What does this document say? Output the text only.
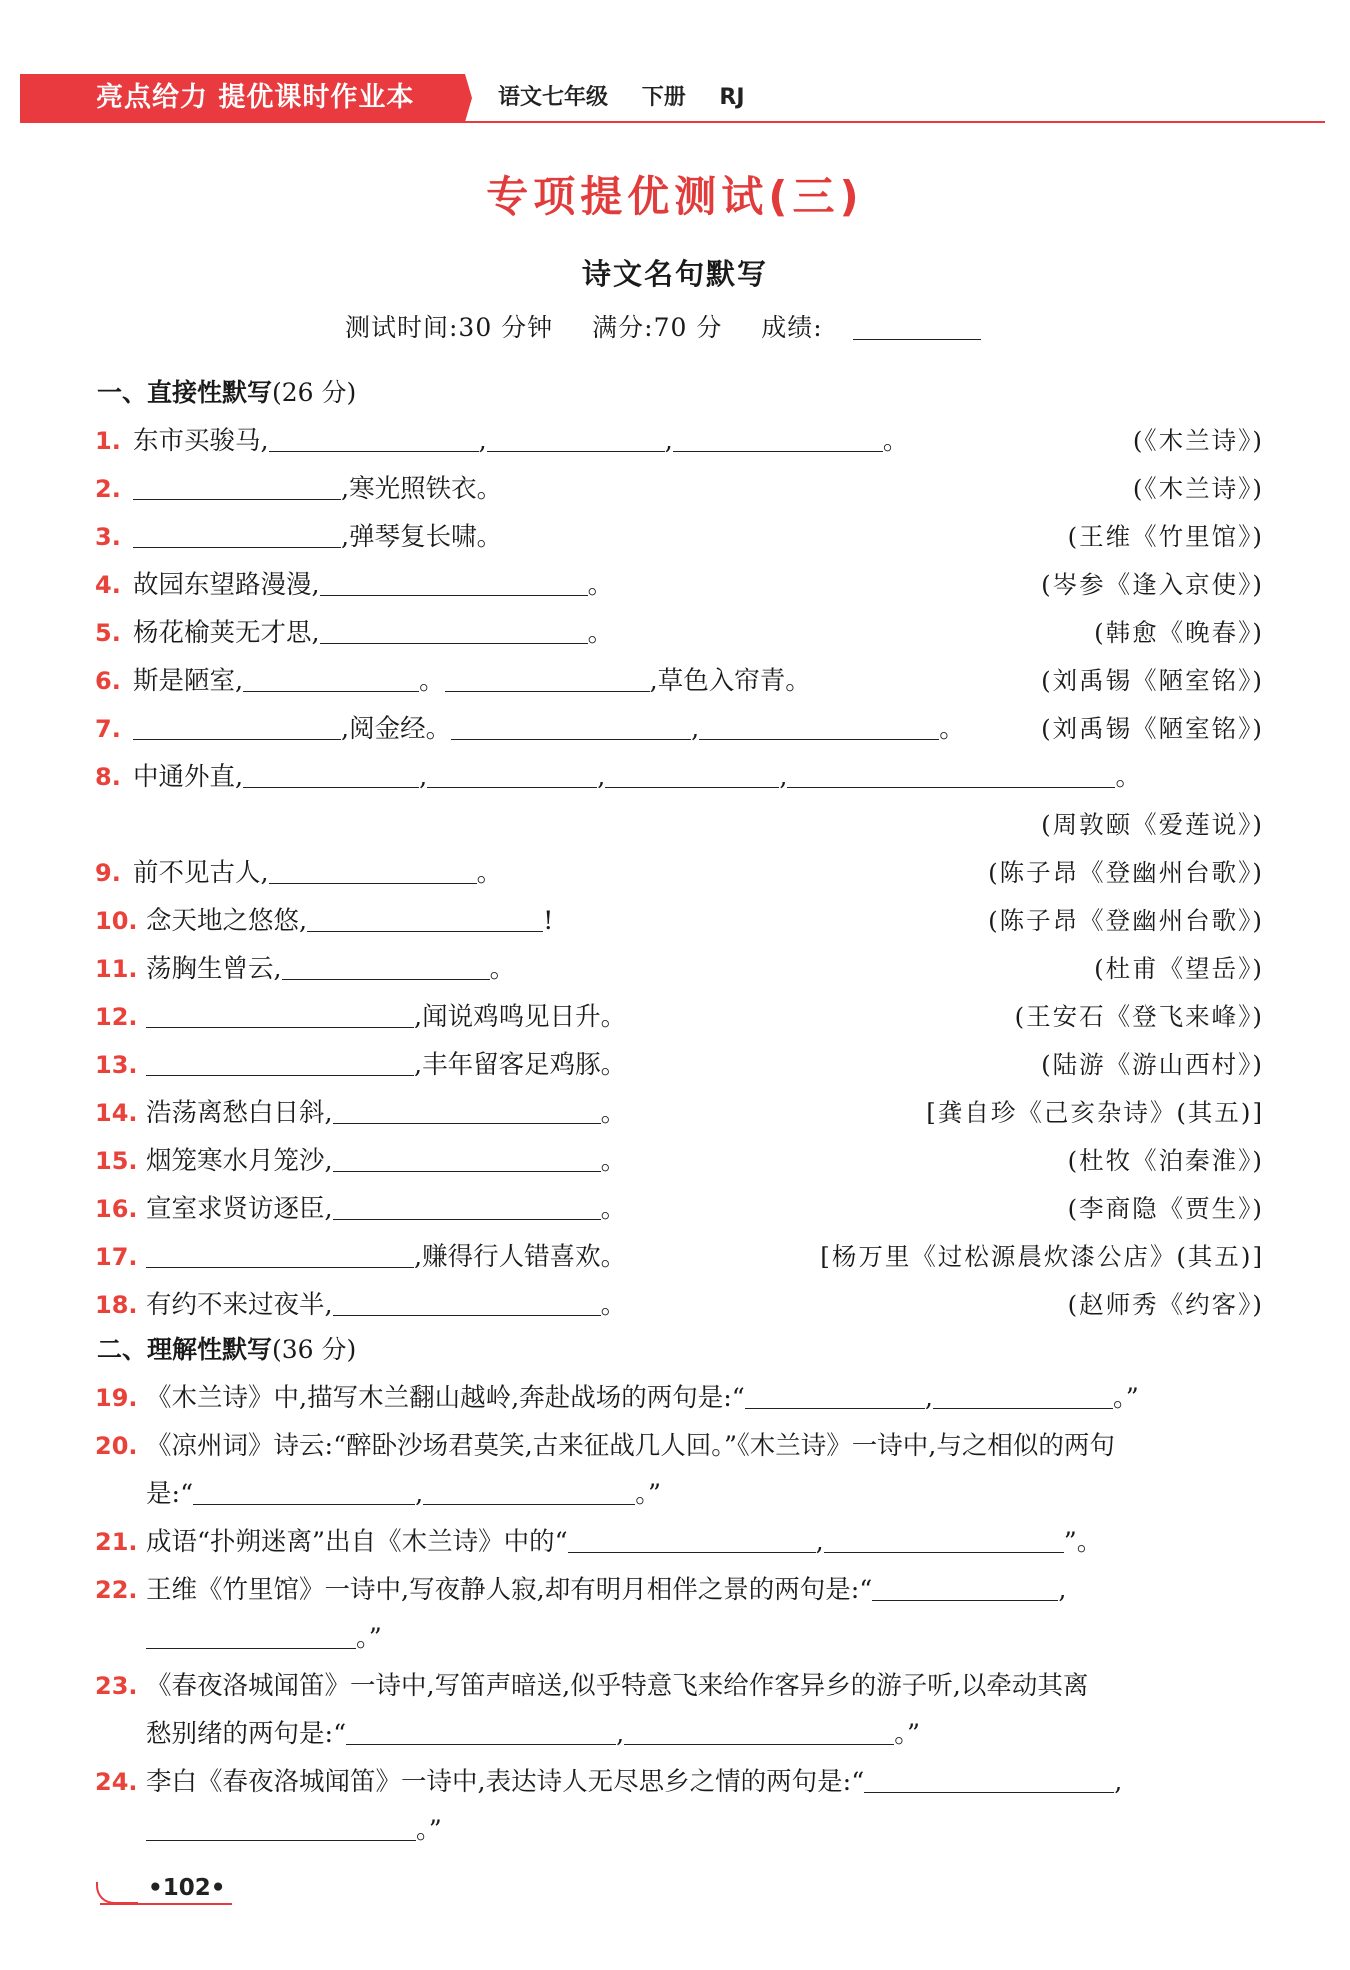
亮点给力 提优课时作业本	语文七年级 下册 RJ
专项提优测试(三)
诗文名句默写
测试时间:30 分钟 满分:70 分 成绩:
一、直接性默写(26 分)
1. 东市买骏马,	,	,	。	(《木兰诗》)
2.	,寒光照铁衣。	(《木兰诗》)
3.	,弹琴复长啸。	(王维《竹里馆》)
4. 故园东望路漫漫,	。	(岑参《逢入京使》)
5. 杨花榆荚无才思,	。	(韩愈《晚春》)
6. 斯是陋室,	。	,草色入帘青。	(刘禹锡《陋室铭》)
7.	,阅金经。	,	。	(刘禹锡《陋室铭》)
8. 中通外直,	,	,	,	。
(周敦颐《爱莲说》)
9. 前不见古人,	。	(陈子昂《登幽州台歌》)
10. 念天地之悠悠,	!	(陈子昂《登幽州台歌》)
11. 荡胸生曾云,	。	(杜甫《望岳》)
12.	,闻说鸡鸣见日升。	(王安石《登飞来峰》)
13.	,丰年留客足鸡豚。	(陆游《游山西村》)
14. 浩荡离愁白日斜,	。	[龚自珍《己亥杂诗》(其五)]
15. 烟笼寒水月笼沙,	。	(杜牧《泊秦淮》)
16. 宣室求贤访逐臣,	。	(李商隐《贾生》)
17.	,赚得行人错喜欢。	[杨万里《过松源晨炊漆公店》(其五)]
18. 有约不来过夜半,	。	(赵师秀《约客》)
二、理解性默写(36 分)
19. 《木兰诗》中,描写木兰翻山越岭,奔赴战场的两句是:“	,	。”
20. 《凉州词》诗云:“醉卧沙场君莫笑,古来征战几人回。”《木兰诗》一诗中,与之相似的两句
是:“	,	。”
21. 成语“扑朔迷离”出自《木兰诗》中的“	,	”。
22. 王维《竹里馆》一诗中,写夜静人寂,却有明月相伴之景的两句是:“	,
。”
23. 《春夜洛城闻笛》一诗中,写笛声暗送,似乎特意飞来给作客异乡的游子听,以牵动其离
愁别绪的两句是:“	,	。”
24. 李白《春夜洛城闻笛》一诗中,表达诗人无尽思乡之情的两句是:“	,
。”
•102•
